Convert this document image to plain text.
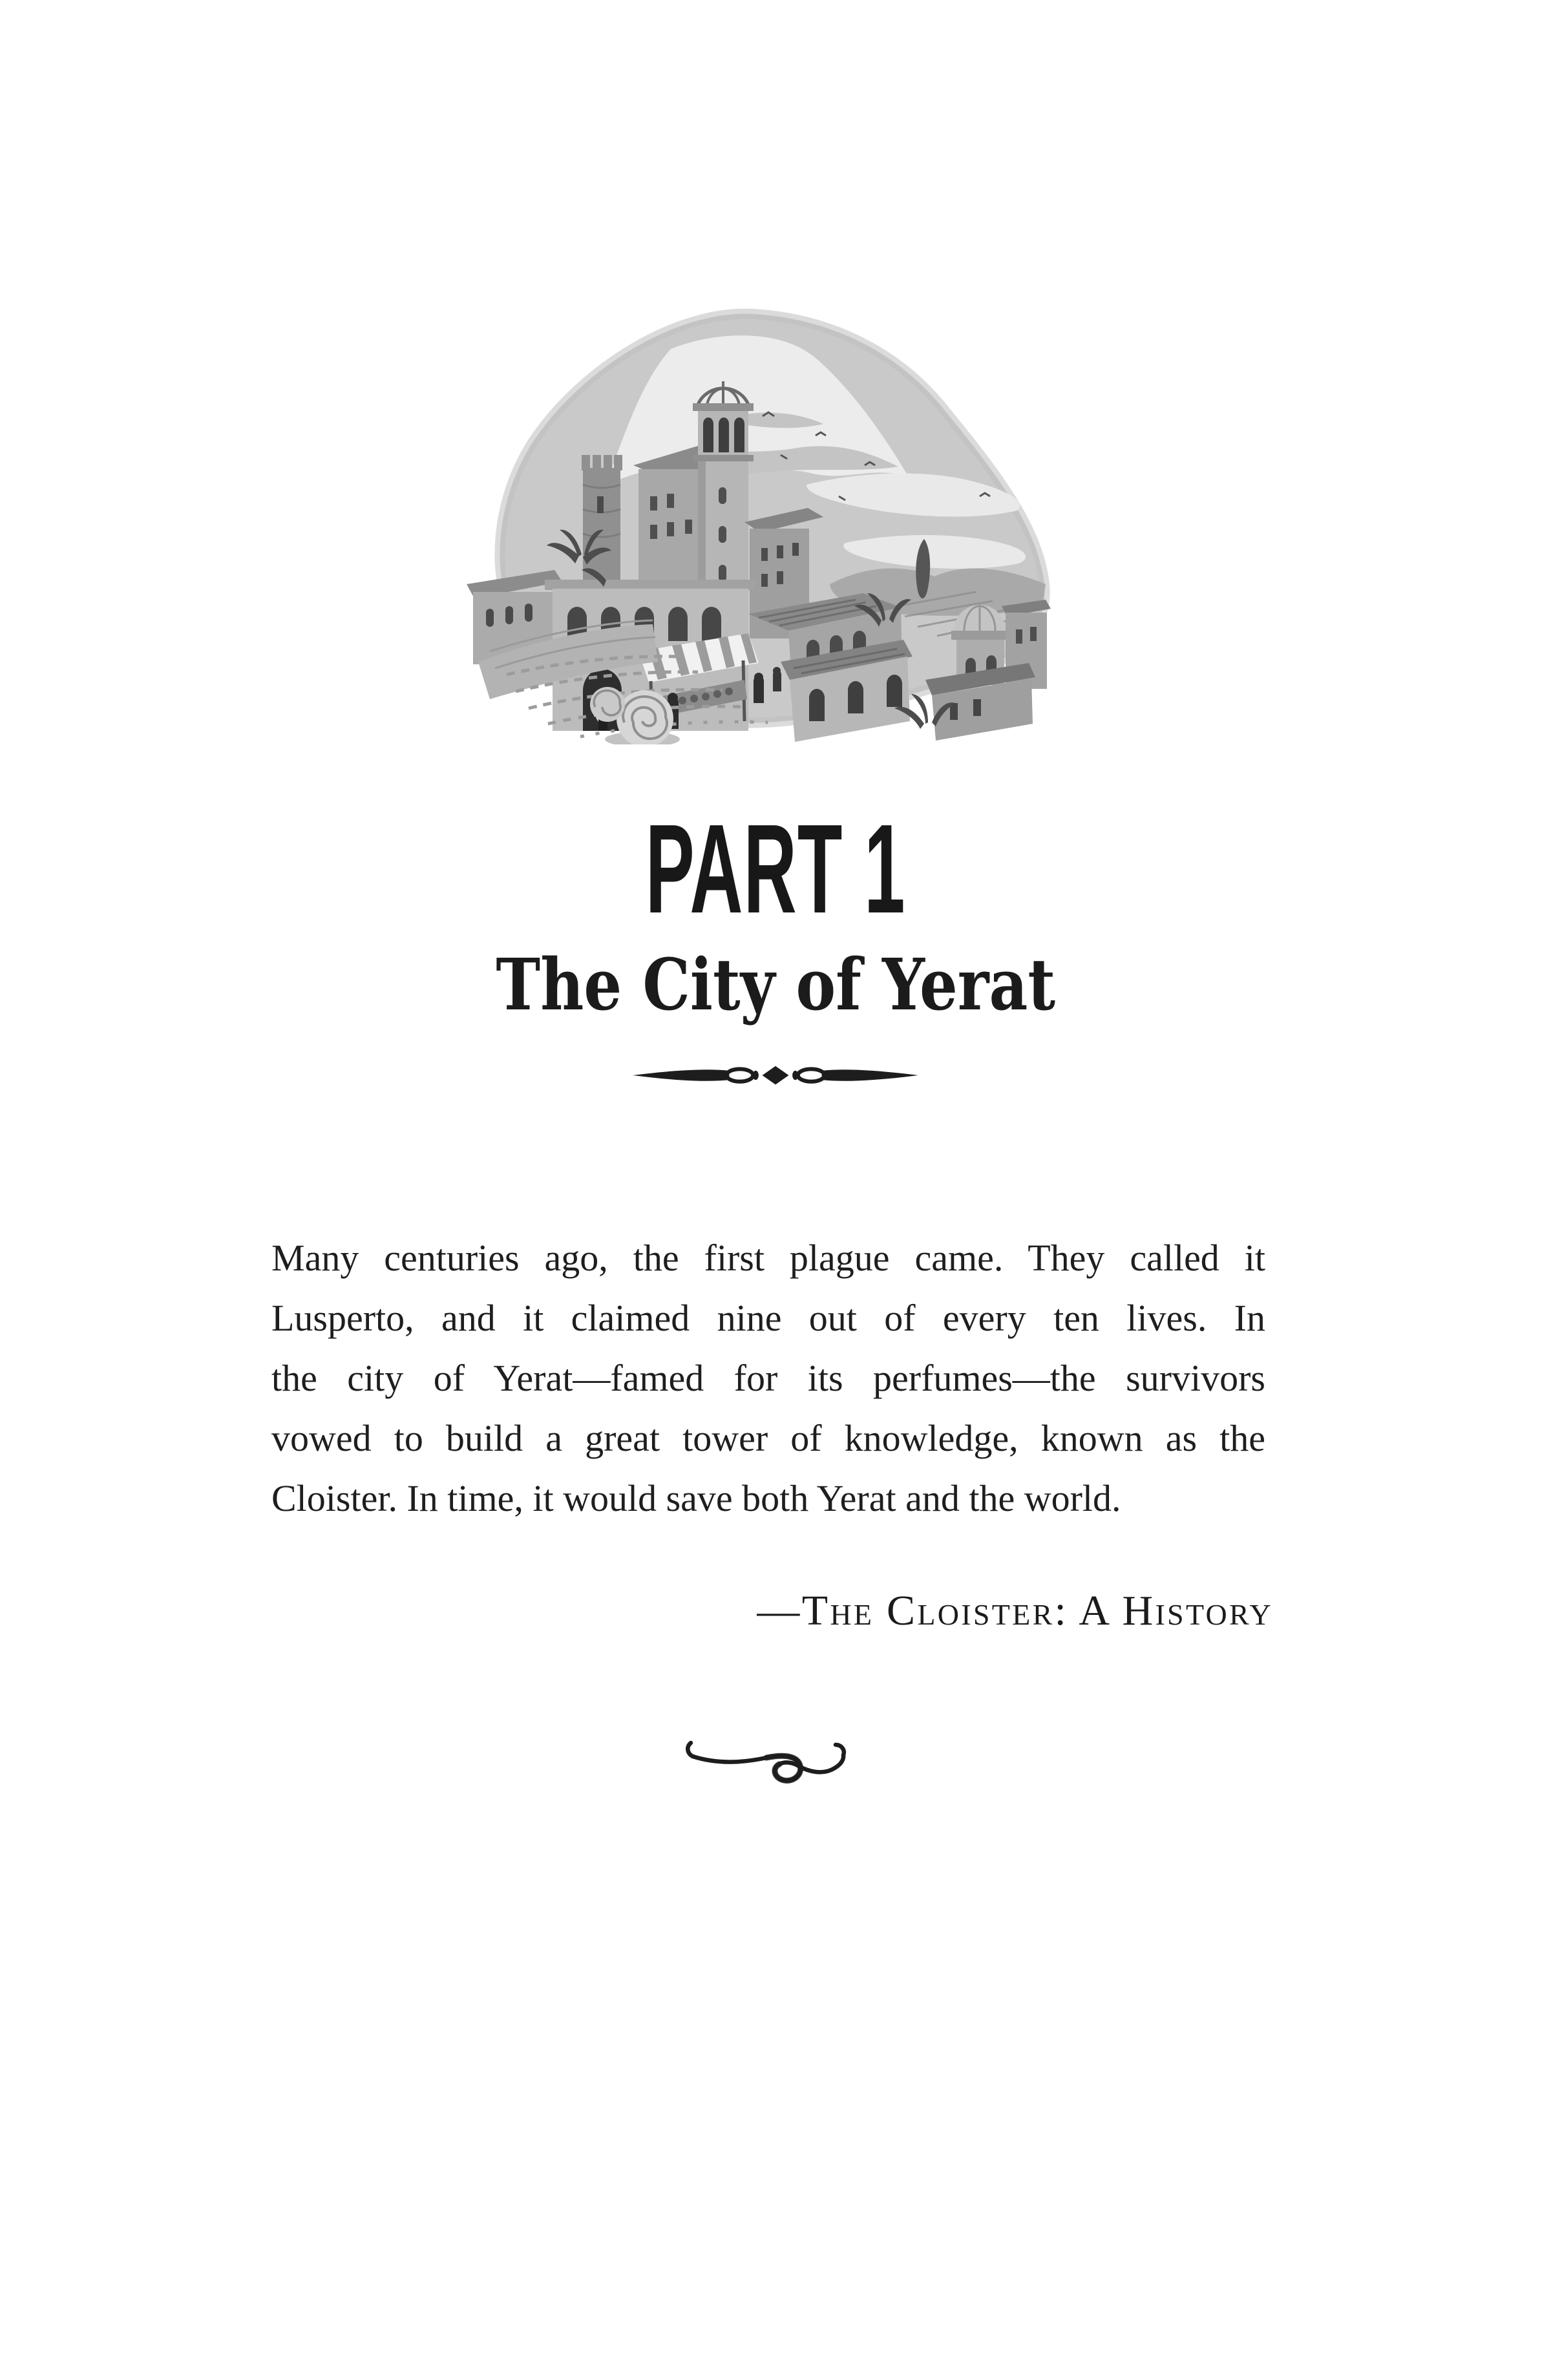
PART 1
The City of Yerat
Many centuries ago, the first plague came. They called it
Lusperto, and it claimed nine out of every ten lives. In
the city of Yerat—famed for its perfumes—the survivors
vowed to build a great tower of knowledge, known as the
Cloister. In time, it would save both Yerat and the world.
—The Cloister: A History
